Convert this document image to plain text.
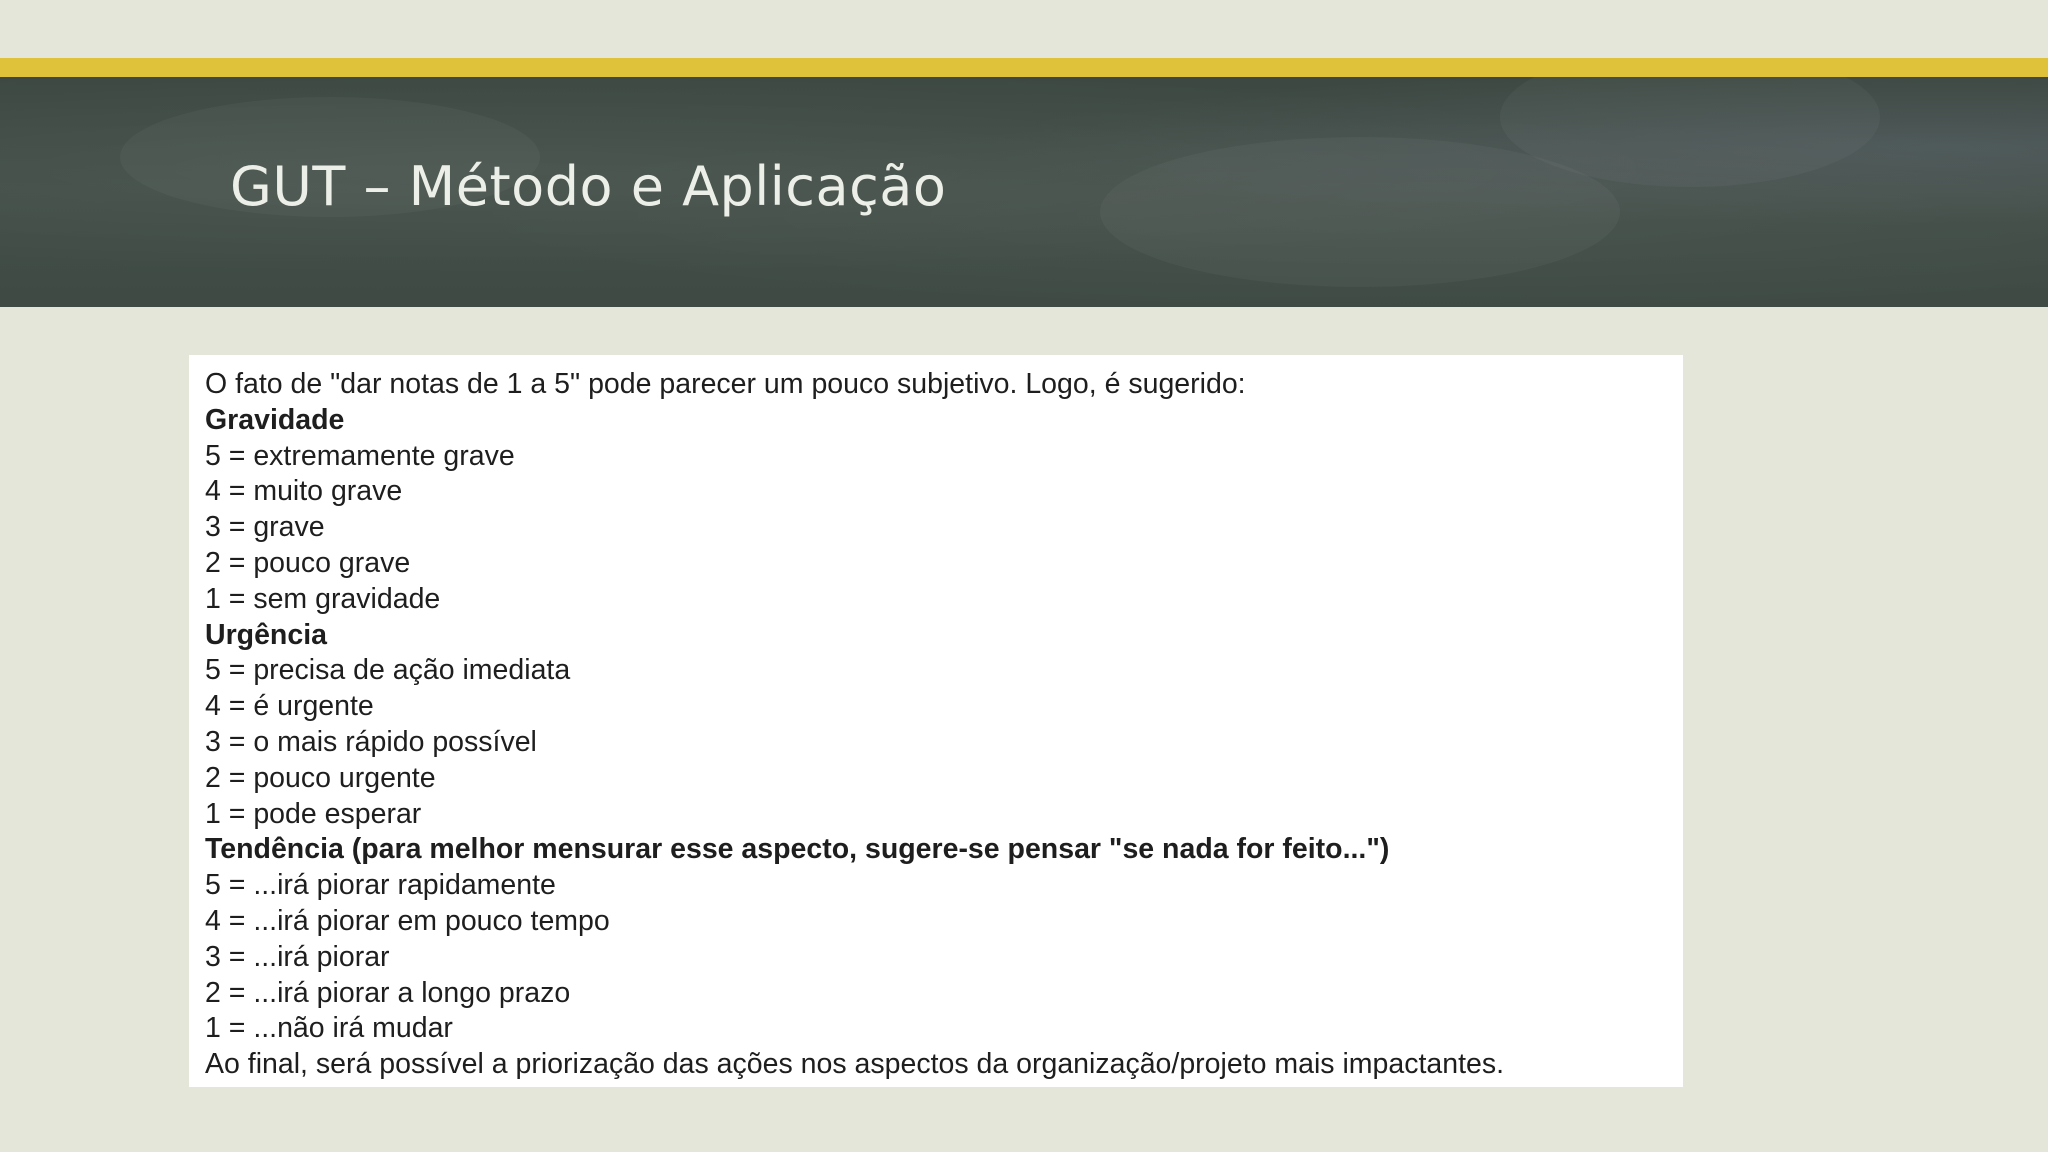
GUT – Método e Aplicação
O fato de "dar notas de 1 a 5" pode parecer um pouco subjetivo. Logo, é sugerido:
Gravidade
5 = extremamente grave
4 = muito grave
3 = grave
2 = pouco grave
1 = sem gravidade
Urgência
5 = precisa de ação imediata
4 = é urgente
3 = o mais rápido possível
2 = pouco urgente
1 = pode esperar
Tendência (para melhor mensurar esse aspecto, sugere-se pensar "se nada for feito...")
5 = ...irá piorar rapidamente
4 = ...irá piorar em pouco tempo
3 = ...irá piorar
2 = ...irá piorar a longo prazo
1 = ...não irá mudar
Ao final, será possível a priorização das ações nos aspectos da organização/projeto mais impactantes.
